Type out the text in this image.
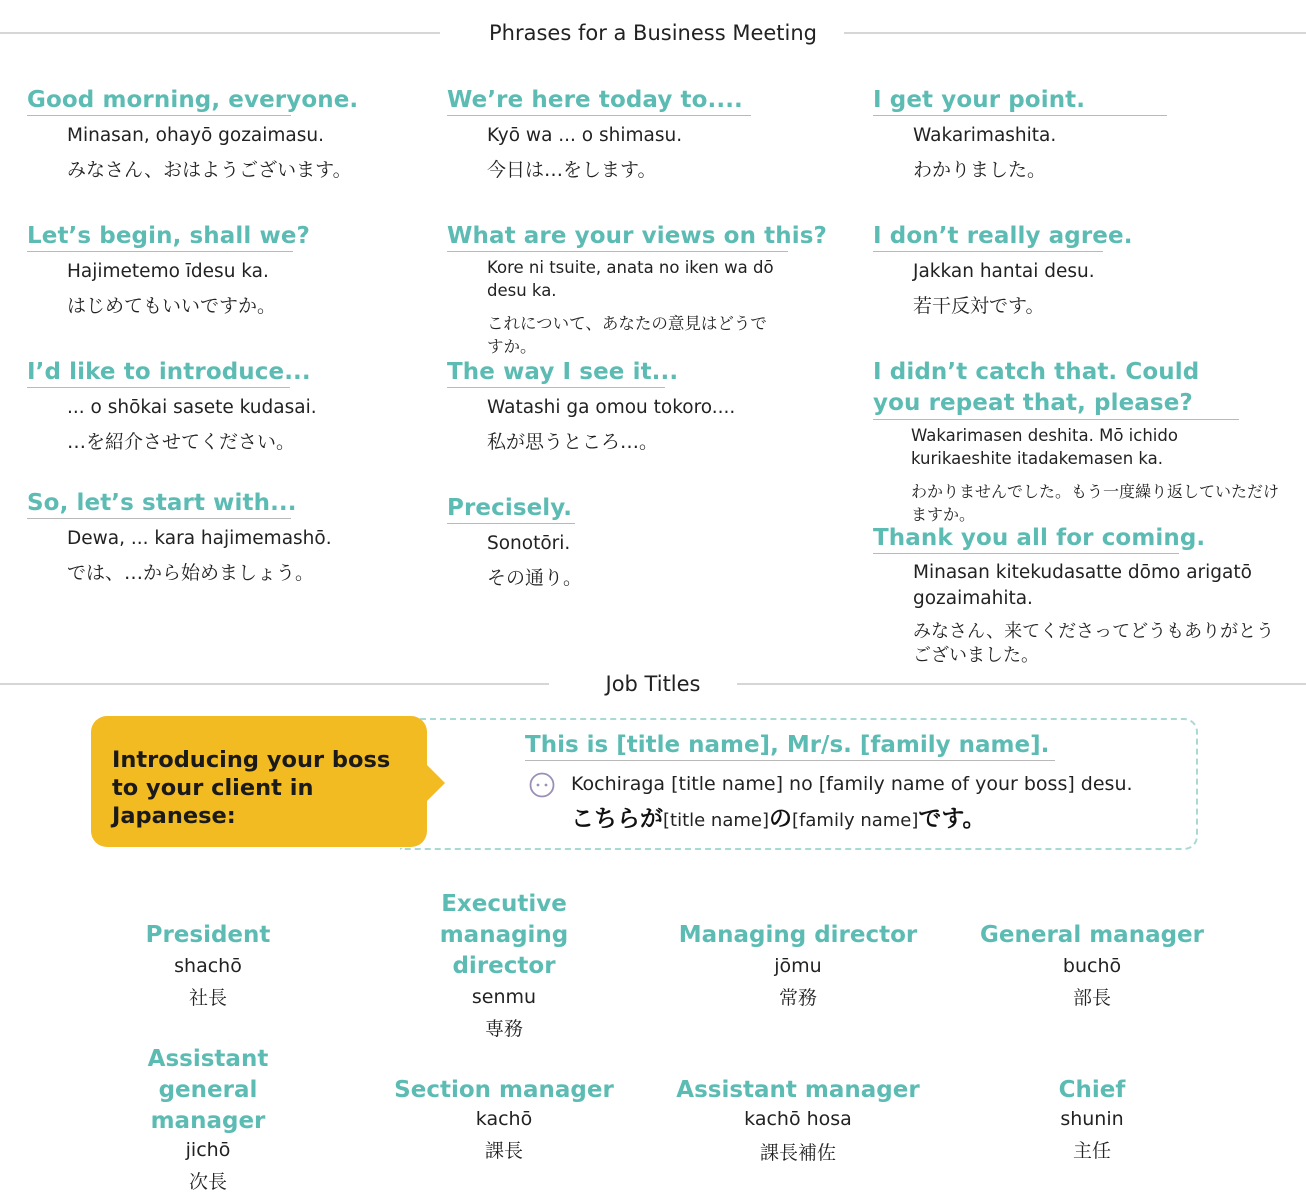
Phrases for a Business Meeting
Good morning, everyone.
Minasan, ohayō gozaimasu.
みなさん、おはようございます。
Let’s begin, shall we?
Hajimetemo īdesu ka.
はじめてもいいですか。
I’d like to introduce...
... o shōkai sasete kudasai.
…を紹介させてください。
So, let’s start with...
Dewa, ... kara hajimemashō.
では、…から始めましょう。
We’re here today to....
Kyō wa ... o shimasu.
今日は…をします。
What are your views on this?
Kore ni tsuite, anata no iken wa dō desu ka.
これについて、あなたの意見はどうですか。
The way I see it...
Watashi ga omou tokoro....
私が思うところ…。
Precisely.
Sonotōri.
その通り。
I get your point.
Wakarimashita.
わかりました。
I don’t really agree.
Jakkan hantai desu.
若干反対です。
I didn’t catch that. Could you repeat that, please?
Wakarimasen deshita. Mō ichido kurikaeshite itadakemasen ka.
わかりませんでした。もう一度繰り返していただけますか。
Thank you all for coming.
Minasan kitekudasatte dōmo arigatō gozaimahita.
みなさん、来てくださってどうもありがとうございました。
Job Titles
Introducing your boss to your client in Japanese:
This is [title name], Mr/s. [family name].
Kochiraga [title name] no [family name of your boss] desu.
こちらが[title name]の[family name]です。
President
shachō
社長
Executive managing director
senmu
専務
Managing director
jōmu
常務
General manager
buchō
部長
Assistant general manager
jichō
次長
Section manager
kachō
課長
Assistant manager
kachō hosa
課長補佐
Chief
shunin
主任
